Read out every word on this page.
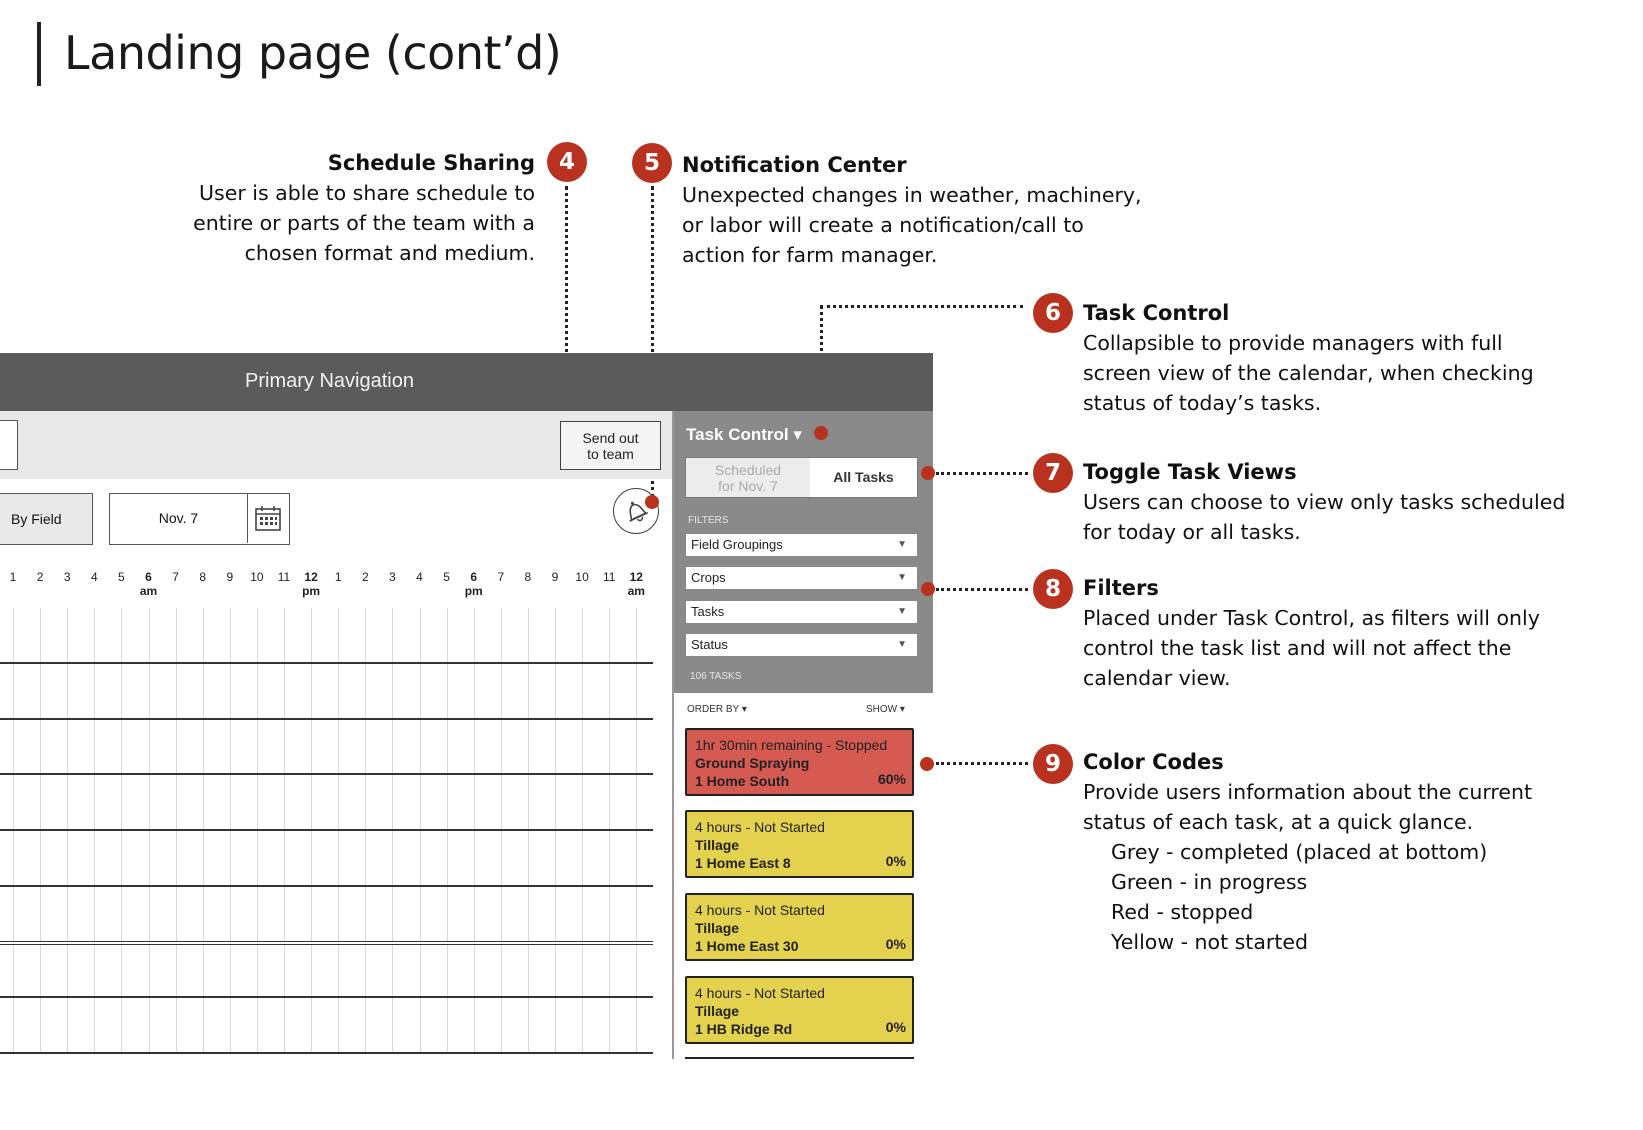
Landing page (cont’d)
Schedule Sharing	4
User is able to share schedule to
entire or parts of the team with a
chosen format and medium.
5	Notification Center
Unexpected changes in weather, machinery,
or labor will create a notification/call to
action for farm manager.
6	Task Control
Collapsible to provide managers with full
screen view of the calendar, when checking
status of today’s tasks.
7	Toggle Task Views
Users can choose to view only tasks scheduled
for today or all tasks.
8	Filters
Placed under Task Control, as filters will only
control the task list and will not affect the
calendar view.
9	Color Codes
Provide users information about the current
status of each task, at a quick glance.
Grey - completed (placed at bottom)
Green - in progress
Red - stopped
Yellow - not started
Primary Navigation
Send out
to team
By Field	Nov. 7
1	2	3	4	5	6
am
7	8	9	10	11	12
pm
1	2	3	4	5	6
pm
7	8	9	10	11	12
am
Task Control ▾
Scheduled
for Nov. 7
All Tasks
FILTERS
Field Groupings	▼
Crops	▼
Tasks	▼
Status	▼
106 TASKS
ORDER BY ▾	SHOW ▾
1hr 30min remaining - Stopped
Ground Spraying
1 Home South	60%
4 hours - Not Started
Tillage
1 Home East 8	0%
4 hours - Not Started
Tillage
1 Home East 30	0%
4 hours - Not Started
Tillage
1 HB Ridge Rd	0%
